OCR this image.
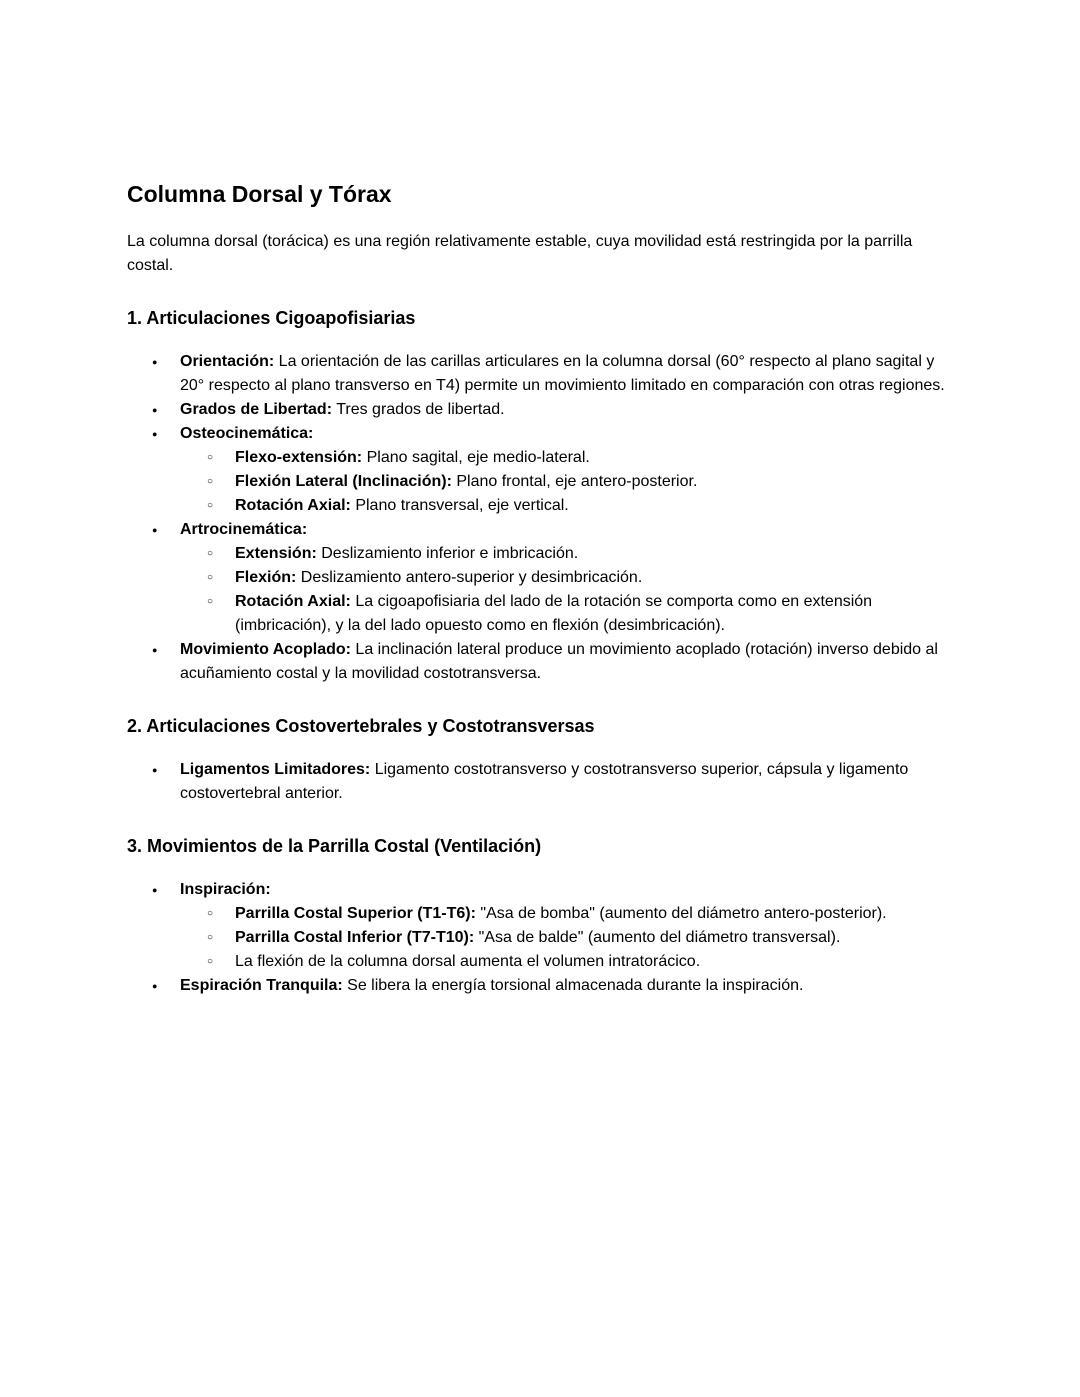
Columna Dorsal y Tórax

La columna dorsal (torácica) es una región relativamente estable, cuya movilidad está restringida por la parrilla costal.

1. Articulaciones Cigoapofisiarias
●	Orientación: La orientación de las carillas articulares en la columna dorsal (60° respecto al plano sagital y 20° respecto al plano transverso en T4) permite un movimiento limitado en comparación con otras regiones.
●	Grados de Libertad: Tres grados de libertad.
●	Osteocinemática:
○	Flexo-extensión: Plano sagital, eje medio-lateral.
○	Flexión Lateral (Inclinación): Plano frontal, eje antero-posterior.
○	Rotación Axial: Plano transversal, eje vertical.
●	Artrocinemática:
○	Extensión: Deslizamiento inferior e imbricación.
○	Flexión: Deslizamiento antero-superior y desimbricación.
○	Rotación Axial: La cigoapofisiaria del lado de la rotación se comporta como en extensión (imbricación), y la del lado opuesto como en flexión (desimbricación).
●	Movimiento Acoplado: La inclinación lateral produce un movimiento acoplado (rotación) inverso debido al acuñamiento costal y la movilidad costotransversa.
2. Articulaciones Costovertebrales y Costotransversas
●	Ligamentos Limitadores: Ligamento costotransverso y costotransverso superior, cápsula y ligamento costovertebral anterior.
3. Movimientos de la Parrilla Costal (Ventilación)
●	Inspiración:
○	Parrilla Costal Superior (T1-T6): "Asa de bomba" (aumento del diámetro antero-posterior).
○	Parrilla Costal Inferior (T7-T10): "Asa de balde" (aumento del diámetro transversal).
○	La flexión de la columna dorsal aumenta el volumen intratorácico.
●	Espiración Tranquila: Se libera la energía torsional almacenada durante la inspiración.
